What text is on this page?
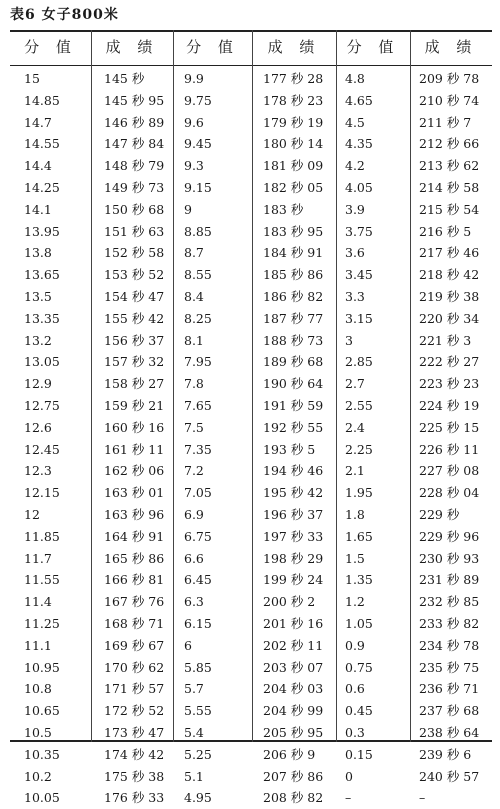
表6 女子800米
分 值	成 绩	分 值	成 绩	分 值	成 绩
15	145 秒	9.9	177 秒 28	4.8	209 秒 78
14.85	145 秒 95	9.75	178 秒 23	4.65	210 秒 74
14.7	146 秒 89	9.6	179 秒 19	4.5	211 秒 7
14.55	147 秒 84	9.45	180 秒 14	4.35	212 秒 66
14.4	148 秒 79	9.3	181 秒 09	4.2	213 秒 62
14.25	149 秒 73	9.15	182 秒 05	4.05	214 秒 58
14.1	150 秒 68	9	183 秒	3.9	215 秒 54
13.95	151 秒 63	8.85	183 秒 95	3.75	216 秒 5
13.8	152 秒 58	8.7	184 秒 91	3.6	217 秒 46
13.65	153 秒 52	8.55	185 秒 86	3.45	218 秒 42
13.5	154 秒 47	8.4	186 秒 82	3.3	219 秒 38
13.35	155 秒 42	8.25	187 秒 77	3.15	220 秒 34
13.2	156 秒 37	8.1	188 秒 73	3	221 秒 3
13.05	157 秒 32	7.95	189 秒 68	2.85	222 秒 27
12.9	158 秒 27	7.8	190 秒 64	2.7	223 秒 23
12.75	159 秒 21	7.65	191 秒 59	2.55	224 秒 19
12.6	160 秒 16	7.5	192 秒 55	2.4	225 秒 15
12.45	161 秒 11	7.35	193 秒 5	2.25	226 秒 11
12.3	162 秒 06	7.2	194 秒 46	2.1	227 秒 08
12.15	163 秒 01	7.05	195 秒 42	1.95	228 秒 04
12	163 秒 96	6.9	196 秒 37	1.8	229 秒
11.85	164 秒 91	6.75	197 秒 33	1.65	229 秒 96
11.7	165 秒 86	6.6	198 秒 29	1.5	230 秒 93
11.55	166 秒 81	6.45	199 秒 24	1.35	231 秒 89
11.4	167 秒 76	6.3	200 秒 2	1.2	232 秒 85
11.25	168 秒 71	6.15	201 秒 16	1.05	233 秒 82
11.1	169 秒 67	6	202 秒 11	0.9	234 秒 78
10.95	170 秒 62	5.85	203 秒 07	0.75	235 秒 75
10.8	171 秒 57	5.7	204 秒 03	0.6	236 秒 71
10.65	172 秒 52	5.55	204 秒 99	0.45	237 秒 68
10.5	173 秒 47	5.4	205 秒 95	0.3	238 秒 64
10.35	174 秒 42	5.25	206 秒 9	0.15	239 秒 6
10.2	175 秒 38	5.1	207 秒 86	0	240 秒 57
10.05	176 秒 33	4.95	208 秒 82	–	–
